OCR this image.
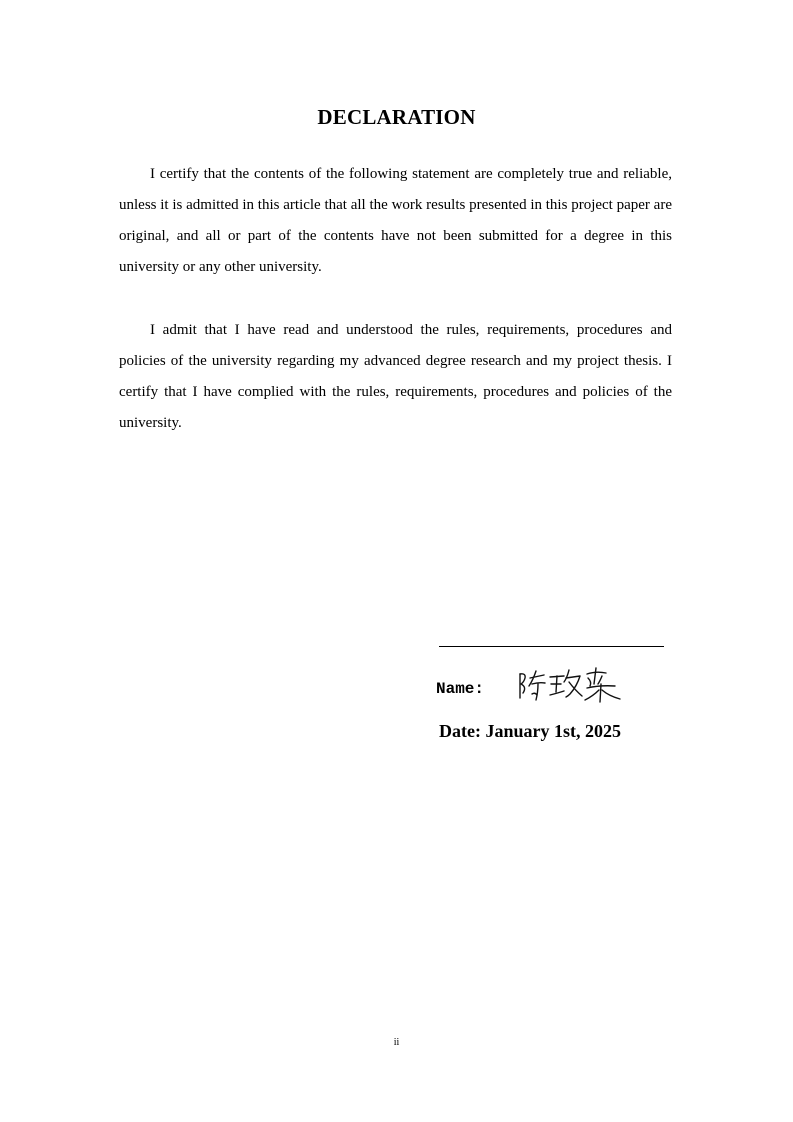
DECLARATION

I certify that the contents of the following statement are completely true and reliable, unless it is admitted in this article that all the work results presented in this project paper are original, and all or part of the contents have not been submitted for a degree in this university or any other university.

I admit that I have read and understood the rules, requirements, procedures and policies of the university regarding my advanced degree research and my project thesis. I certify that I have complied with the rules, requirements, procedures and policies of the university.

Name:
Date: January 1st, 2025
ii
